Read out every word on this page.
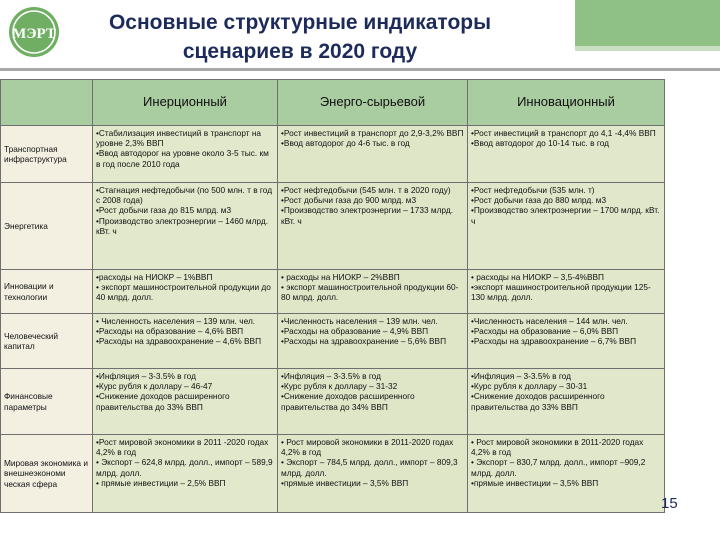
МЭРТ	Основные структурные индикаторы
сценариев в 2020 году
	Инерционный	Энерго-сырьевой	Инновационный
Транспортная инфраструктура	•Стабилизация инвестиций в транспорт на уровне 2,3% ВВП
•Ввод автодорог на уровне около 3-5 тыс. км в год после 2010 года	•Рост инвестиций в транспорт до 2,9-3,2% ВВП
•Ввод автодорог до 4-6 тыс. в год	•Рост инвестиций в транспорт до 4,1 -4,4% ВВП
•Ввод автодорог до 10-14 тыс. в год

Энергетика	•Стагнация нефтедобычи (по 500 млн. т в год с 2008 года)
•Рост добычи газа до 815 млрд. м3
•Производство электроэнергии – 1460 млрд. кВт. ч	•Рост нефтедобычи (545 млн. т в 2020 году)
•Рост добычи газа до 900 млрд. м3
•Производство электроэнергии – 1733 млрд. кВт. ч	•Рост нефтедобычи (535 млн. т)
•Рост добычи газа до 880 млрд. м3
•Производство электроэнергии – 1700 млрд. кВт. ч

Инновации и технологии	•расходы на НИОКР – 1%ВВП
• экспорт машиностроительной продукции до 40 млрд. долл.	• расходы на НИОКР – 2%ВВП
• экспорт машиностроительной продукции 60-80 млрд. долл.	• расходы на НИОКР – 3,5-4%ВВП
•экспорт машиностроительной продукции 125-130 млрд. долл.

Человеческий капитал	• Численность населения – 139 млн. чел.
•Расходы на образование – 4,6% ВВП
•Расходы на здравоохранение – 4,6% ВВП	•Численность населения – 139 млн. чел.
•Расходы на образование – 4,9% ВВП
•Расходы на здравоохранение – 5,6% ВВП	•Численность населения – 144 млн. чел.
•Расходы на образование – 6,0% ВВП
•Расходы на здравоохранение – 6,7% ВВП

Финансовые параметры	•Инфляция – 3-3.5% в год
•Курс рубля к доллару – 46-47
•Снижение доходов расширенного правительства до 33% ВВП	•Инфляция – 3-3.5% в год
•Курс рубля к доллару – 31-32
•Снижение доходов расширенного правительства до 34% ВВП	•Инфляция – 3-3.5% в год
•Курс рубля к доллару – 30-31
•Снижение доходов расширенного правительства до 33% ВВП

Мировая экономика и внешнеэкономи ческая сфера	•Рост мировой экономики в 2011 -2020 годах 4,2% в год
• Экспорт – 624,8 млрд. долл., импорт – 589,9 млрд. долл.
• прямые инвестиции – 2,5% ВВП	• Рост мировой экономики в 2011-2020 годах 4,2% в год
• Экспорт – 784,5 млрд. долл., импорт – 809,3 млрд. долл.
•прямые инвестиции – 3,5% ВВП	• Рост мировой экономики в 2011-2020 годах 4,2% в год
• Экспорт – 830,7 млрд. долл., импорт –909,2 млрд. долл.
•прямые инвестиции – 3,5% ВВП
15
